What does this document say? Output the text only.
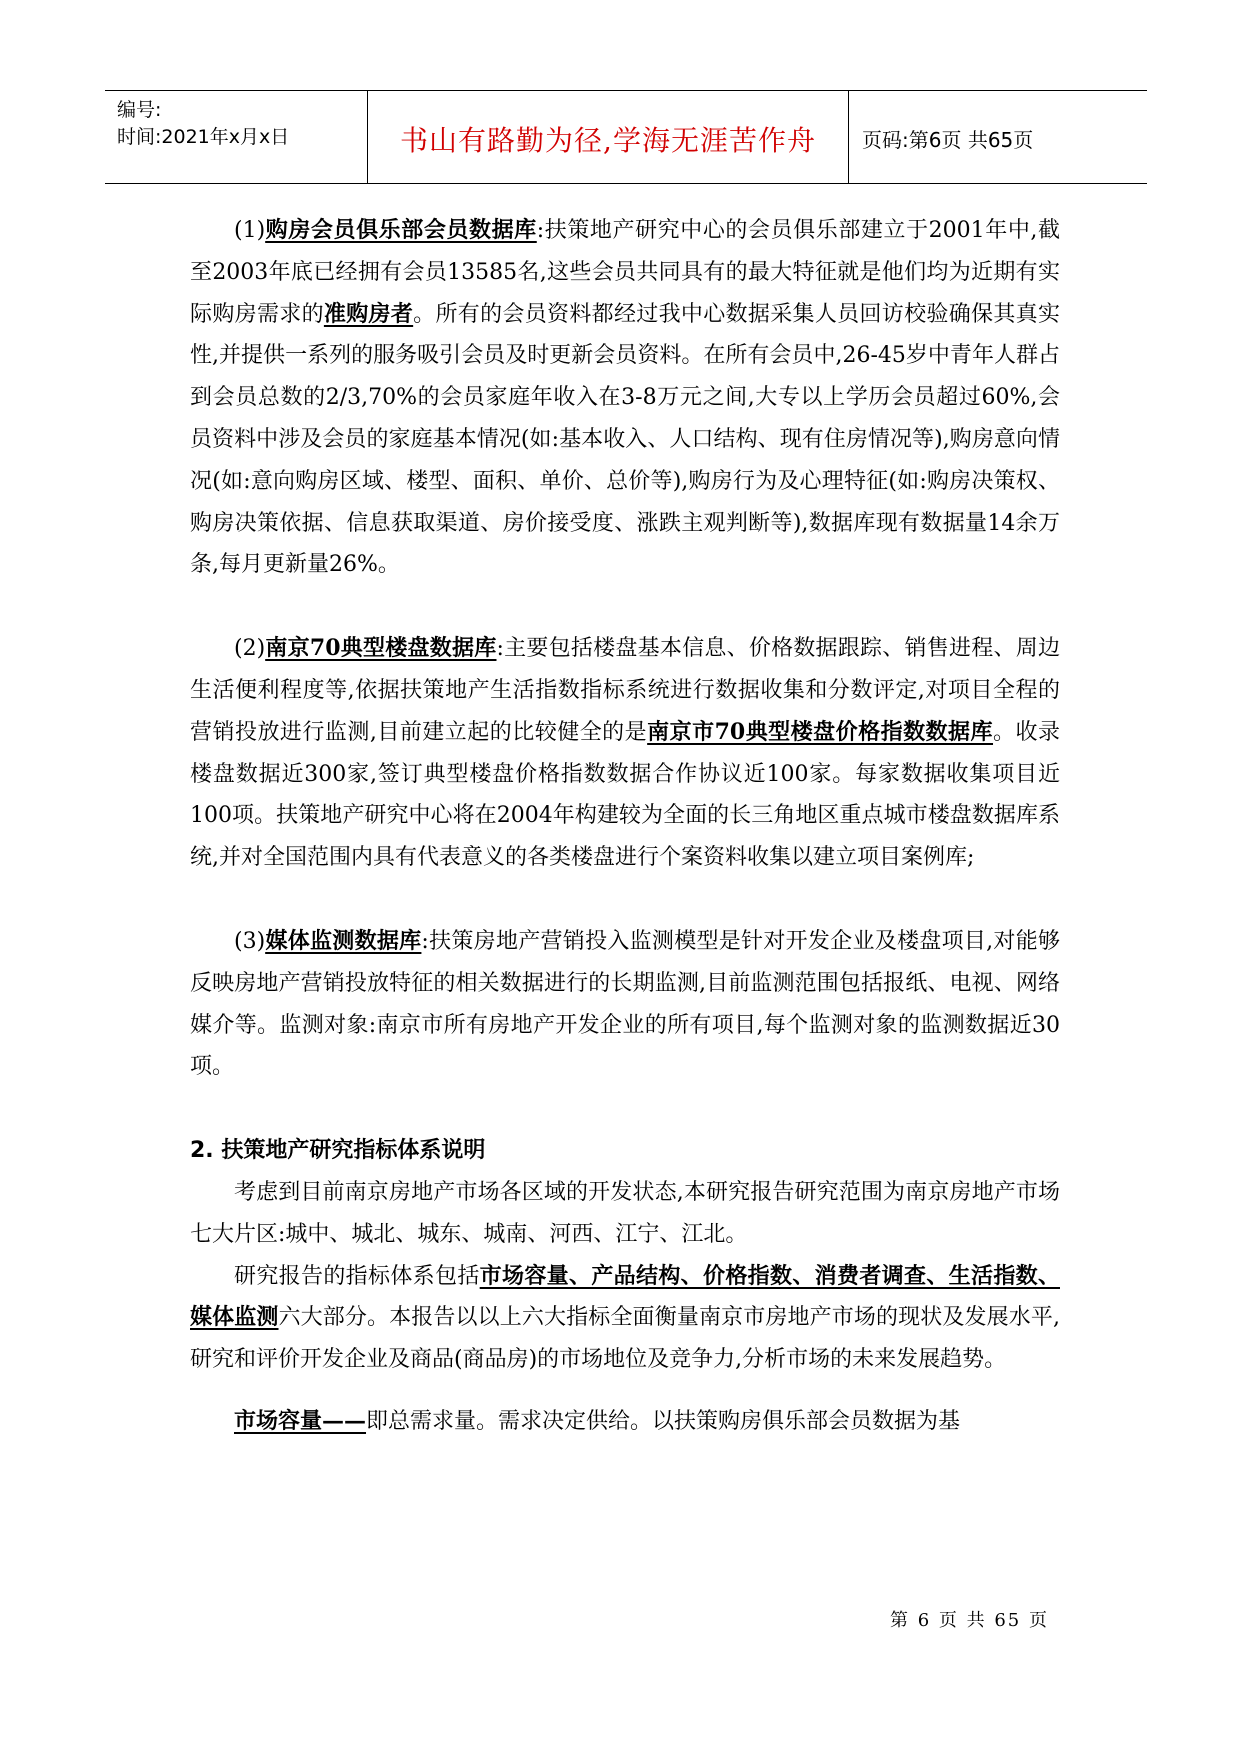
编号:
时间:2021年x月x日	书山有路勤为径,学海无涯苦作舟	页码:第6页 共65页

(1)购房会员俱乐部会员数据库:扶策地产研究中心的会员俱乐部建立于2001年中,截至2003年底已经拥有会员13585名,这些会员共同具有的最大特征就是他们均为近期有实际购房需求的准购房者。所有的会员资料都经过我中心数据采集人员回访校验确保其真实性,并提供一系列的服务吸引会员及时更新会员资料。在所有会员中,26-45岁中青年人群占到会员总数的2/3,70%的会员家庭年收入在3-8万元之间,大专以上学历会员超过60%,会员资料中涉及会员的家庭基本情况(如:基本收入、人口结构、现有住房情况等),购房意向情况(如:意向购房区域、楼型、面积、单价、总价等),购房行为及心理特征(如:购房决策权、购房决策依据、信息获取渠道、房价接受度、涨跌主观判断等),数据库现有数据量14余万条,每月更新量26%。

(2)南京70典型楼盘数据库:主要包括楼盘基本信息、价格数据跟踪、销售进程、周边生活便利程度等,依据扶策地产生活指数指标系统进行数据收集和分数评定,对项目全程的营销投放进行监测,目前建立起的比较健全的是南京市70典型楼盘价格指数数据库。收录楼盘数据近300家,签订典型楼盘价格指数数据合作协议近100家。每家数据收集项目近100项。扶策地产研究中心将在2004年构建较为全面的长三角地区重点城市楼盘数据库系统,并对全国范围内具有代表意义的各类楼盘进行个案资料收集以建立项目案例库;

(3)媒体监测数据库:扶策房地产营销投入监测模型是针对开发企业及楼盘项目,对能够反映房地产营销投放特征的相关数据进行的长期监测,目前监测范围包括报纸、电视、网络媒介等。监测对象:南京市所有房地产开发企业的所有项目,每个监测对象的监测数据近30项。

2. 扶策地产研究指标体系说明

考虑到目前南京房地产市场各区域的开发状态,本研究报告研究范围为南京房地产市场七大片区:城中、城北、城东、城南、河西、江宁、江北。

研究报告的指标体系包括市场容量、产品结构、价格指数、消费者调查、生活指数、媒体监测六大部分。本报告以以上六大指标全面衡量南京市房地产市场的现状及发展水平,研究和评价开发企业及商品(商品房)的市场地位及竞争力,分析市场的未来发展趋势。

市场容量——即总需求量。需求决定供给。以扶策购房俱乐部会员数据为基

第 6 页 共 65 页
